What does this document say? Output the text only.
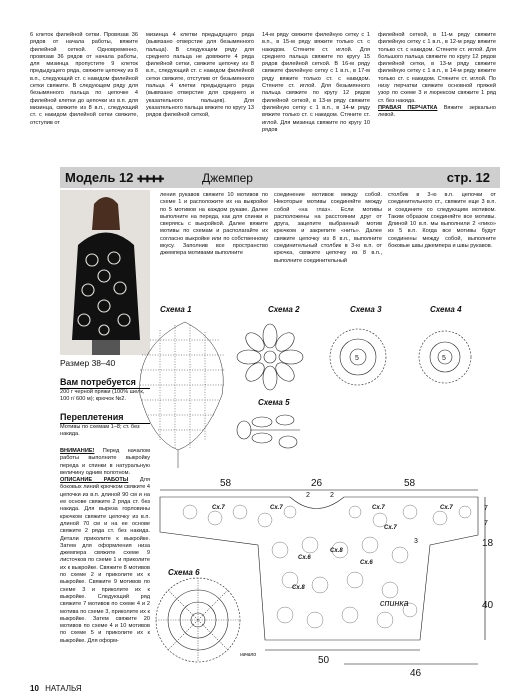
6 клеток филейной сетки. Провязав 36 рядов от начала работы, вяжите филейной сеткой. Одновременно, провязав 36 рядов от начала работы, для мизинца пропустите 9 клеток предыдущего ряда, свяжите цепочку из 8 в.п., следующий ст. с накидом филейной сетки свяжите. В следующем ряду для безымянного пальца по цепочке 4 филейной клетки до цепочки из в.п. для мизинца, свяжите из 8 в.п., следующий ст. с накидом филейной сетки свяжите, отступив от

мизинца 4 клетки предыдущего ряда (вывязано отверстие для безымянного пальца). В следующем ряду для среднего пальца не довяжите 4 ряда филейной сетки, свяжите цепочку из 8 в.п., следующий ст. с накидом филейной сетки свяжите, отступив от безымянного пальца 4 клетки предыдущего ряда (вывязано отверстие для среднего и указательного пальцев). Для указательного пальца вяжите по кругу 13 рядов филейной сеткой,

14-м ряду свяжите филейную сетку с 1 в.п., в 15-м ряду вяжите только ст. с накидом. Стяните ст. иглой. Для среднего пальца свяжите по кругу 15 рядов филейной сеткой. В 16-м ряду свяжите филейную сетку с 1 в.п., в 17-м ряду вяжите только ст. с накидом. Стяните ст. иглой. Для безымянного пальца свяжите по кругу 12 рядов филейной сеткой, в 13-м ряду свяжите филейную сетку с 1 в.п., в 14-м ряду вяжите только ст. с накидом. Стяните ст. иглой. Для мизинца свяжите по кругу 10 рядов

филейной сеткой, в 11-м ряду свяжите филейную сетку с 1 в.п., в 12-м ряду вяжите только ст. с накидом. Стяните ст. иглой. Для большого пальца свяжите по кругу 12 рядов филейной сетки, в 13-м ряду свяжите филейную сетку с 1 в.п., в 14-м ряду вяжите только ст. с накидом. Стяните ст. иглой. По низу перчатки свяжите основной пряжей узор по схеме 3 и люрексом свяжите 1 ряд ст. без накида.

ПРАВАЯ ПЕРЧАТКА Вяжите зеркально левой.

Модель 12 ✚✚✚✚	Джемпер	стр. 12
Размер 38–40
Вам потребуется
200 г черной пряжи (100% шелк, 100 г/ 600 м); крючок №2.
Переплетения
Мотивы по схемам 1–8; ст. без накида.

ВНИМАНИЕ! Перед началом работы выполните выкройку переда и спинки в натуральную величину одним полотном.

ОПИСАНИЕ РАБОТЫ Для боковых линий крючком свяжите 4 цепочки из в.п. длиной 90 см и на ее основе свяжите 2 ряда ст. без накида. Для выреза горловины крючком свяжите цепочку из в.п. длиной 70 см и на ее основе свяжите 2 ряда ст. без накида. Детали приколите к выкройке. Затем для оформления низа джемпера свяжите схеме 9 листочков по схеме 1 и приколите их к выкройке. Свяжите 8 мотивов по схеме 2 и приколите их к выкройке. Свяжите 9 мотивов по схеме 3 и приколите их к выкройке. Следующий ряд свяжите 7 мотивов по схеме 4 и 2 мотива по схеме 3, приколите их к выкройке. Затем свяжите 20 мотивов по схеме 4 и 10 мотивов по схеме 5 и приколите их к выкройке. Для оформ-

ления рукавов свяжите 10 мотивов по схеме 1 и расположите их на выкройке по 5 мотивов на каждом рукаве. Далее выполните на переда, как для спинки и сверяясь с выкройкой. Далее вяжите мотивы по схемам и располагайте их согласно выкройке или по собственному вкусу. Заполнив все пространство джемпера мотивами выполните

соединение мотивов между собой. Некоторые мотивы соединяйте между собой «на глаз». Если мотивы расположены на расстоянии друг от друга, зацепите выбранный мотив крючком и закрепите «нить». Далее свяжите цепочку из 8 в.п., выполните соединительный столбик в 3-ю в.п. от крючка, свяжите цепочку из 8 в.п., выполните соединительный

столбик в 3-ю в.п. цепочки от соединительного ст., свяжите еще 3 в.п. и соедините со следующим мотивом. Таким образом соединяйте все мотивы. Длиной 10 в.п. мы выполнили 2 «пико» из 5 в.п. Когда все мотивы будут соединены между собой, выполните боковые швы джемпера и швы рукавов.

Схема 1	Схема 2	Схема 3	Схема 4
Схема 5
Схема 6
5	5
58	26	58
18
40
50
46
2	2
7
7
3
спинка
Сх.7	Сх.7	Сх.7	Сх.7
Сх.6
Сх.8
Сх.6
Сх.8
Сх.7
начало
10 НАТАЛЬЯ
